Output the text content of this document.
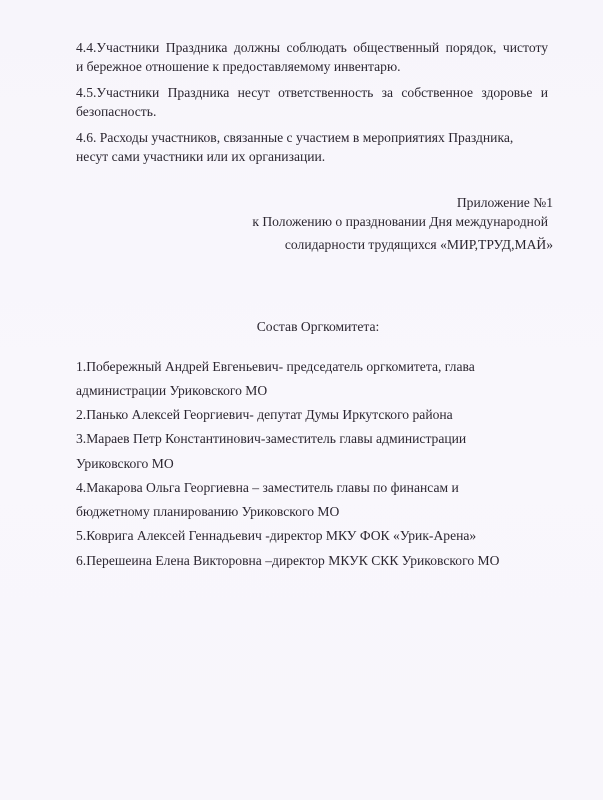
4.4.Участники Праздника должны соблюдать общественный порядок, чистоту
и бережное отношение к предоставляемому инвентарю.
4.5.Участники Праздника несут ответственность за собственное здоровье и
безопасность.
4.6. Расходы участников, связанные с участием в мероприятиях Праздника,
несут сами участники или их организации.
Приложение №1
к Положению о праздновании Дня международной
солидарности трудящихся «МИР,ТРУД,МАЙ»
Состав Оргкомитета:
1.Побережный Андрей Евгеньевич- председатель оргкомитета, глава
администрации Уриковского МО
2.Панько Алексей Георгиевич- депутат Думы Иркутского района
3.Мараев Петр Константинович-заместитель главы администрации
Уриковского МО
4.Макарова Ольга Георгиевна – заместитель главы по финансам и
бюджетному планированию Уриковского МО
5.Коврига Алексей Геннадьевич -директор МКУ ФОК «Урик-Арена»
6.Перешеина Елена Викторовна –директор МКУК СКК Уриковского МО
